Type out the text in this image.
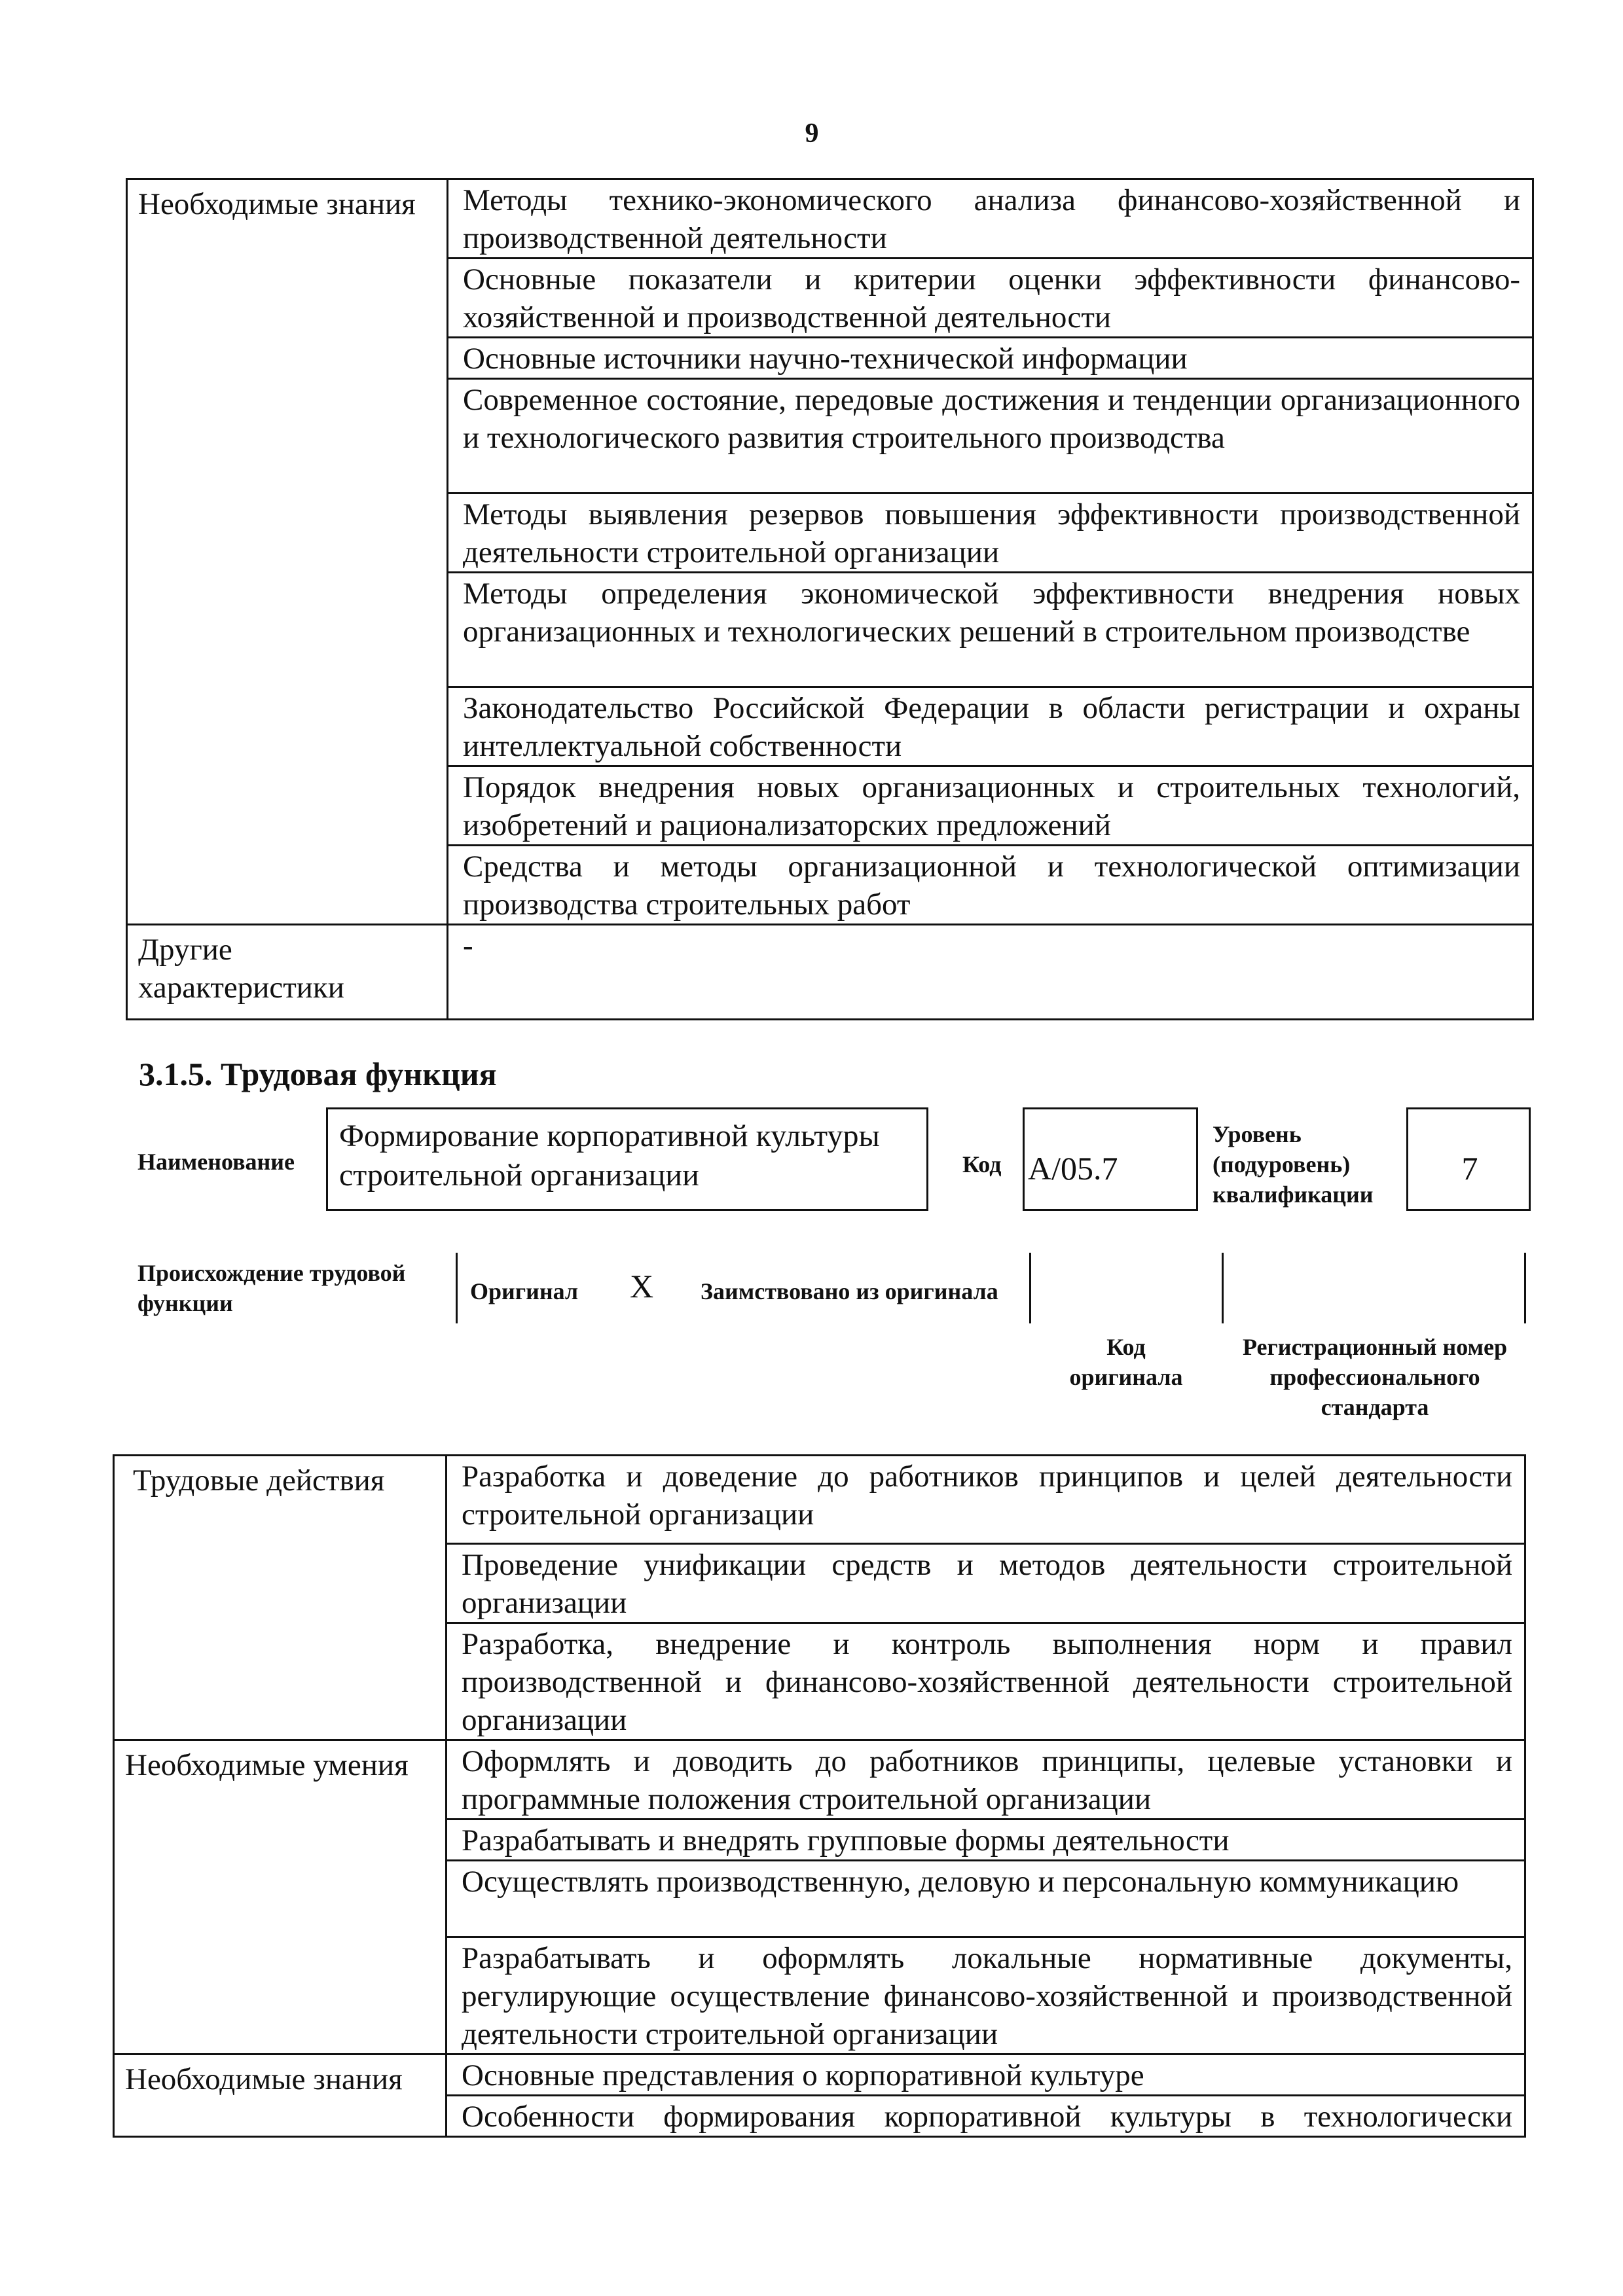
9
Необходимые знания	Методы технико-экономического анализа финансово-хозяйственной и производственной деятельности
	Основные показатели и критерии оценки эффективности финансово-хозяйственной и производственной деятельности
	Основные источники научно-технической информации
	Современное состояние, передовые достижения и тенденции организационного и технологического развития строительного производства
	Методы выявления резервов повышения эффективности производственной деятельности строительной организации
	Методы определения экономической эффективности внедрения новых организационных и технологических решений в строительном производстве
	Законодательство Российской Федерации в области регистрации и охраны интеллектуальной собственности
	Порядок внедрения новых организационных и строительных технологий, изобретений и рационализаторских предложений
	Средства и методы организационной и технологической оптимизации производства строительных работ
Другие характеристики	-
3.1.5. Трудовая функция
Наименование
Формирование корпоративной культуры строительной организации	Код A/05.7
Уровень
(подуровень)
квалификации
7
Происхождение трудовой
функции	Оригинал X Заимствовано из оригинала
Код
оригинала
Регистрационный номер
профессионального
стандарта
Трудовые действия	Разработка и доведение до работников принципов и целей деятельности строительной организации
	Проведение унификации средств и методов деятельности строительной организации
	Разработка, внедрение и контроль выполнения норм и правил производственной и финансово-хозяйственной деятельности строительной организации
Необходимые умения	Оформлять и доводить до работников принципы, целевые установки и программные положения строительной организации
	Разрабатывать и внедрять групповые формы деятельности
	Осуществлять производственную, деловую и персональную коммуникацию
	Разрабатывать и оформлять локальные нормативные документы, регулирующие осуществление финансово-хозяйственной и производственной деятельности строительной организации
Необходимые знания	Основные представления о корпоративной культуре
	Особенности формирования корпоративной культуры в технологически
